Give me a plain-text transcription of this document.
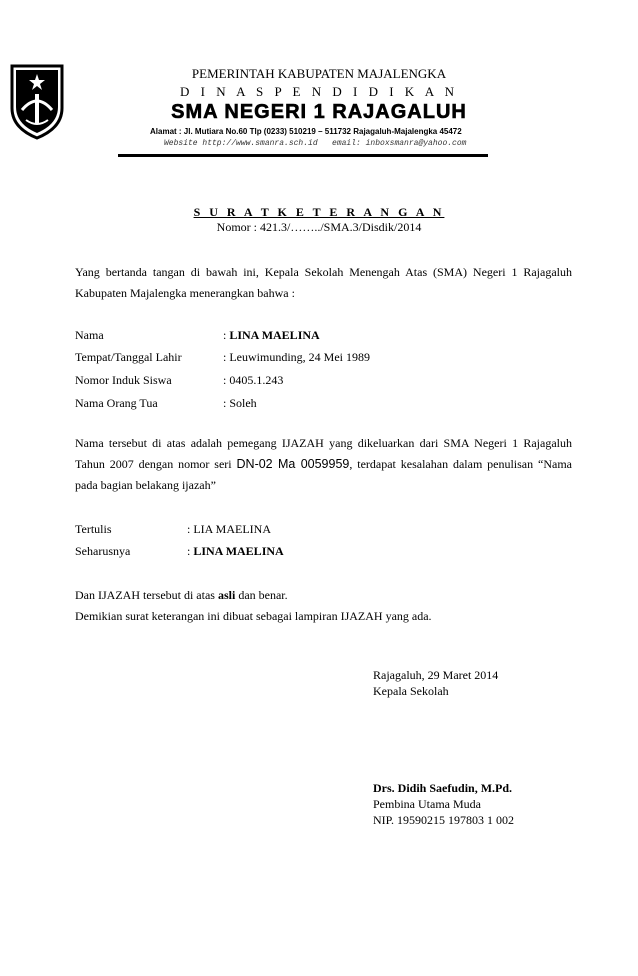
PEMERINTAH KABUPATEN MAJALENGKA
D I N A S P E N D I D I K A N
SMA NEGERI 1 RAJAGALUH
Alamat : Jl. Mutiara No.60 Tlp (0233) 510219 – 511732 Rajagaluh-Majalengka 45472
Website http://www.smanra.sch.id   email: inboxsmanra@yahoo.com
S U R A T K E T E R A N G A N
Nomor : 421.3/……../SMA.3/Disdik/2014
Yang bertanda tangan di bawah ini, Kepala Sekolah Menengah Atas (SMA) Negeri 1 Rajagaluh Kabupaten Majalengka menerangkan bahwa :
Nama	: LINA MAELINA
Tempat/Tanggal Lahir	: Leuwimunding, 24 Mei 1989
Nomor Induk Siswa	: 0405.1.243
Nama Orang Tua	: Soleh
Nama tersebut di atas adalah pemegang IJAZAH yang dikeluarkan dari SMA Negeri 1 Rajagaluh Tahun 2007 dengan nomor seri DN-02 Ma 0059959, terdapat kesalahan dalam penulisan “Nama pada bagian belakang ijazah”
Tertulis	: LIA MAELINA
Seharusnya	: LINA MAELINA
Dan IJAZAH tersebut di atas asli dan benar.
Demikian surat keterangan ini dibuat sebagai lampiran IJAZAH yang ada.
Rajagaluh, 29 Maret 2014
Kepala Sekolah
Drs. Didih Saefudin, M.Pd.
Pembina Utama Muda
NIP. 19590215 197803 1 002
